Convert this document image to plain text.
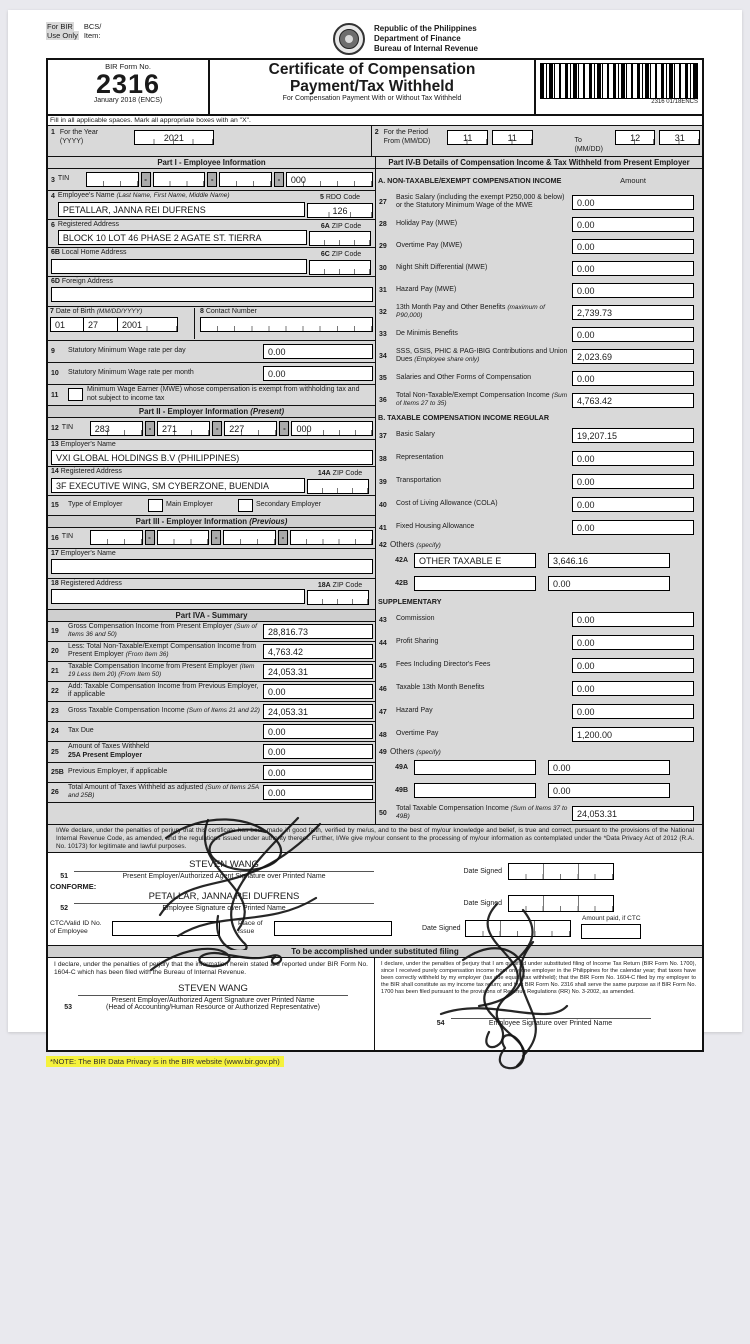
For BIR
Use Only
BCS/
Item:
Republic of the Philippines
Department of Finance
Bureau of Internal Revenue
BIR Form No.
2316
January 2018 (ENCS)
Certificate of Compensation
Payment/Tax Withheld
For Compensation Payment With or Without Tax Withheld	2316 01/18ENCS
Fill in all applicable spaces. Mark all appropriate boxes with an "X".
1 For the Year
(YYYY)	2021
2 For the Period
From (MM/DD)	11	11	To (MM/DD)
12	31
Part I - Employee Information	Part IV-B Details of Compensation Income & Tax Withheld from Present Employer
3 TIN	-	-	-	000
4 Employee's Name (Last Name, First Name, Middle Name)
PETALLAR, JANNA REI DUFRENS
5 RDO Code
126
6 Registered Address
BLOCK 10 LOT 46 PHASE 2 AGATE ST. TIERRA
6A ZIP Code
6B Local Home Address	6C ZIP Code
6D Foreign Address
7 Date of Birth (MM/DD/YYYY)
01	27	2001
8 Contact Number
9	Statutory Minimum Wage rate per day	0.00
10	Statutory Minimum Wage rate per month	0.00
11
Minimum Wage Earner (MWE) whose compensation is exempt from withholding tax and not subject to income tax
Part II - Employer Information (Present)
12 TIN	283	-	271	-	227	-	000
13 Employer's Name
VXI GLOBAL HOLDINGS B.V (PHILIPPINES)
14 Registered Address
3F EXECUTIVE WING, SM CYBERZONE, BUENDIA
14A ZIP Code
15	Type of Employer	Main Employer	Secondary Employer
Part III - Employer Information (Previous)
16 TIN	-	-	-
17 Employer's Name
18 Registered Address	18A ZIP Code
Part IVA - Summary
19
Gross Compensation Income from Present Employer (Sum of Items 36 and 50)	28,816.73
20
Less: Total Non-Taxable/Exempt Compensation Income from Present Employer (From Item 36)	4,763.42
21
Taxable Compensation Income from Present Employer (Item 19 Less Item 20) (From Item 50)	24,053.31
22
Add: Taxable Compensation Income from Previous Employer, if applicable	0.00
23	Gross Taxable Compensation Income (Sum of Items 21 and 22) 24,053.31
24	Tax Due	0.00
25
Amount of Taxes Withheld
25A Present Employer	0.00
25B Previous Employer, if applicable	0.00
26
Total Amount of Taxes Withheld as adjusted (Sum of Items 25A and 25B)	0.00
A. NON-TAXABLE/EXEMPT COMPENSATION INCOME	Amount
27
Basic Salary (including the exempt P250,000 & below) or the Statutory Minimum Wage of the MWE	0.00
28	Holiday Pay (MWE)	0.00
29	Overtime Pay (MWE)	0.00
30	Night Shift Differential (MWE)	0.00
31	Hazard Pay (MWE)	0.00
32
13th Month Pay and Other Benefits (maximum of P90,000)	2,739.73
33	De Minimis Benefits	0.00
34
SSS, GSIS, PHIC & PAG-IBIG Contributions and Union Dues (Employee share only)	2,023.69
35	Salaries and Other Forms of Compensation	0.00
36
Total Non-Taxable/Exempt Compensation Income (Sum of Items 27 to 35)	4,763.42
B. TAXABLE COMPENSATION INCOME REGULAR
37	Basic Salary	19,207.15
38	Representation	0.00
39	Transportation	0.00
40	Cost of Living Allowance (COLA)	0.00
41	Fixed Housing Allowance	0.00
42 Others (specify)
42A	OTHER TAXABLE E	3,646.16
42B	0.00
SUPPLEMENTARY
43	Commission	0.00
44	Profit Sharing	0.00
45	Fees Including Director's Fees	0.00
46	Taxable 13th Month Benefits	0.00
47	Hazard Pay	0.00
48	Overtime Pay	1,200.00
49 Others (specify)
49A	0.00
49B	0.00
50
Total Taxable Compensation Income (Sum of Items 37 to 49B)	24,053.31
I/We declare, under the penalties of perjury that this certificate has been made in good faith, verified by me/us, and to the best of my/our knowledge and belief, is true and correct, pursuant to the provisions of the National Internal Revenue Code, as amended, and the regulations issued under authority thereof. Further, I/We give my/our consent to the processing of my/our information as contemplated under the *Data Privacy Act of 2012 (R.A. No. 10173) for legitimate and lawful purposes.
51
STEVEN WANG
Present Employer/Authorized Agent Signature over Printed Name
Date Signed
CONFORME:
52
PETALLAR, JANNA REI DUFRENS
Employee Signature over Printed Name
Date Signed
CTC/Valid ID No.
of Employee
Place of
Issue	Date Signed
Amount paid, if CTC
To be accomplished under substituted filing
I declare, under the penalties of perjury that the information herein stated are reported under BIR Form No. 1604-C which has been filed with the Bureau of Internal Revenue.
53
STEVEN WANG
Present Employer/Authorized Agent Signature over Printed Name
(Head of Accounting/Human Resource or Authorized Representative)
I declare, under the penalties of perjury that I am qualified under substituted filing of Income Tax Return (BIR Form No. 1700), since I received purely compensation income from only one employer in the Philippines for the calendar year; that taxes have been correctly withheld by my employer (tax due equals tax withheld); that the BIR Form No. 1604-C filed by my employer to the BIR shall constitute as my income tax return; and that BIR Form No. 2316 shall serve the same purpose as if BIR Form No. 1700 has been filed pursuant to the provisions of Revenue Regulations (RR) No. 3-2002, as amended.
54
	Employee Signature over Printed Name
*NOTE: The BIR Data Privacy is in the BIR website (www.bir.gov.ph)
